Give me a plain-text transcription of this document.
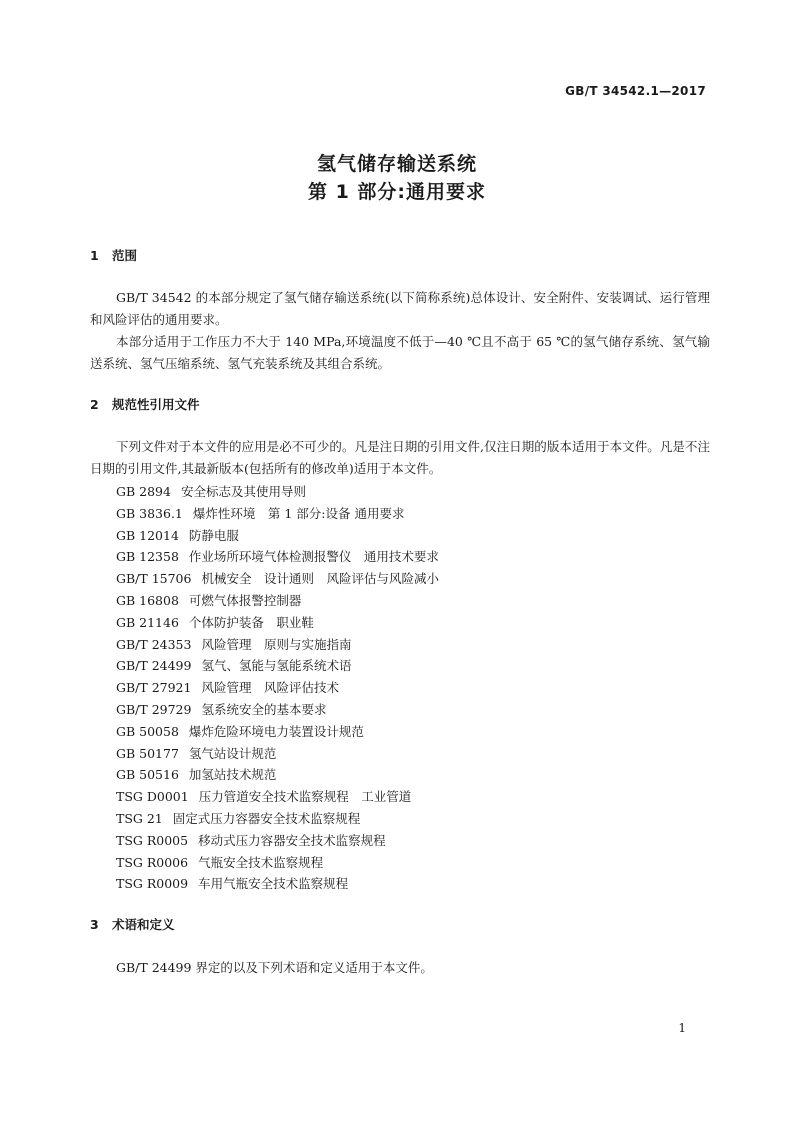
GB/T 34542.1—2017
氢气储存输送系统
第 1 部分:通用要求
1 范围
GB/T 34542 的本部分规定了氢气储存输送系统(以下简称系统)总体设计、安全附件、安装调试、运行管理和风险评估的通用要求。
本部分适用于工作压力不大于 140 MPa,环境温度不低于—40 ℃且不高于 65 ℃的氢气储存系统、氢气输送系统、氢气压缩系统、氢气充装系统及其组合系统。
2 规范性引用文件
下列文件对于本文件的应用是必不可少的。凡是注日期的引用文件,仅注日期的版本适用于本文件。凡是不注日期的引用文件,其最新版本(包括所有的修改单)适用于本文件。
GB 2894 安全标志及其使用导则
GB 3836.1 爆炸性环境　第 1 部分:设备 通用要求
GB 12014 防静电服
GB 12358 作业场所环境气体检测报警仪　通用技术要求
GB/T 15706 机械安全　设计通则　风险评估与风险减小
GB 16808 可燃气体报警控制器
GB 21146 个体防护装备　职业鞋
GB/T 24353 风险管理　原则与实施指南
GB/T 24499 氢气、氢能与氢能系统术语
GB/T 27921 风险管理　风险评估技术
GB/T 29729 氢系统安全的基本要求
GB 50058 爆炸危险环境电力装置设计规范
GB 50177 氢气站设计规范
GB 50516 加氢站技术规范
TSG D0001 压力管道安全技术监察规程　工业管道
TSG 21 固定式压力容器安全技术监察规程
TSG R0005 移动式压力容器安全技术监察规程
TSG R0006 气瓶安全技术监察规程
TSG R0009 车用气瓶安全技术监察规程
3 术语和定义
GB/T 24499 界定的以及下列术语和定义适用于本文件。
1
